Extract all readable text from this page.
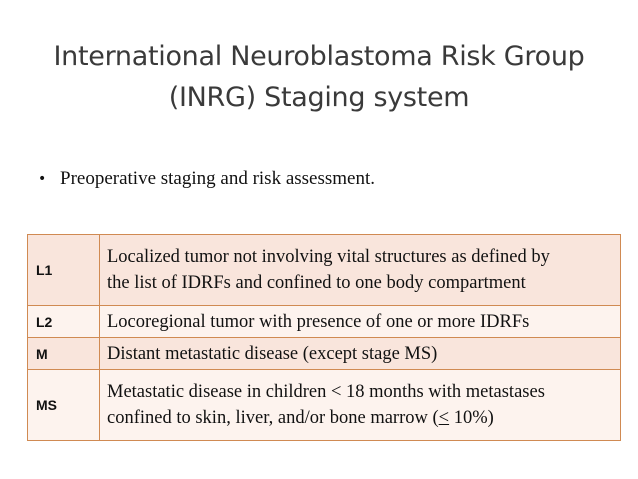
International Neuroblastoma Risk Group
(INRG) Staging system
• Preoperative staging and risk assessment.
L1	Localized tumor not involving vital structures as defined by
the list of IDRFs and confined to one body compartment

L2	Locoregional tumor with presence of one or more IDRFs
M	Distant metastatic disease (except stage MS)
MS	Metastatic disease in children < 18 months with metastases
confined to skin, liver, and/or bone marrow (≤ 10%)
